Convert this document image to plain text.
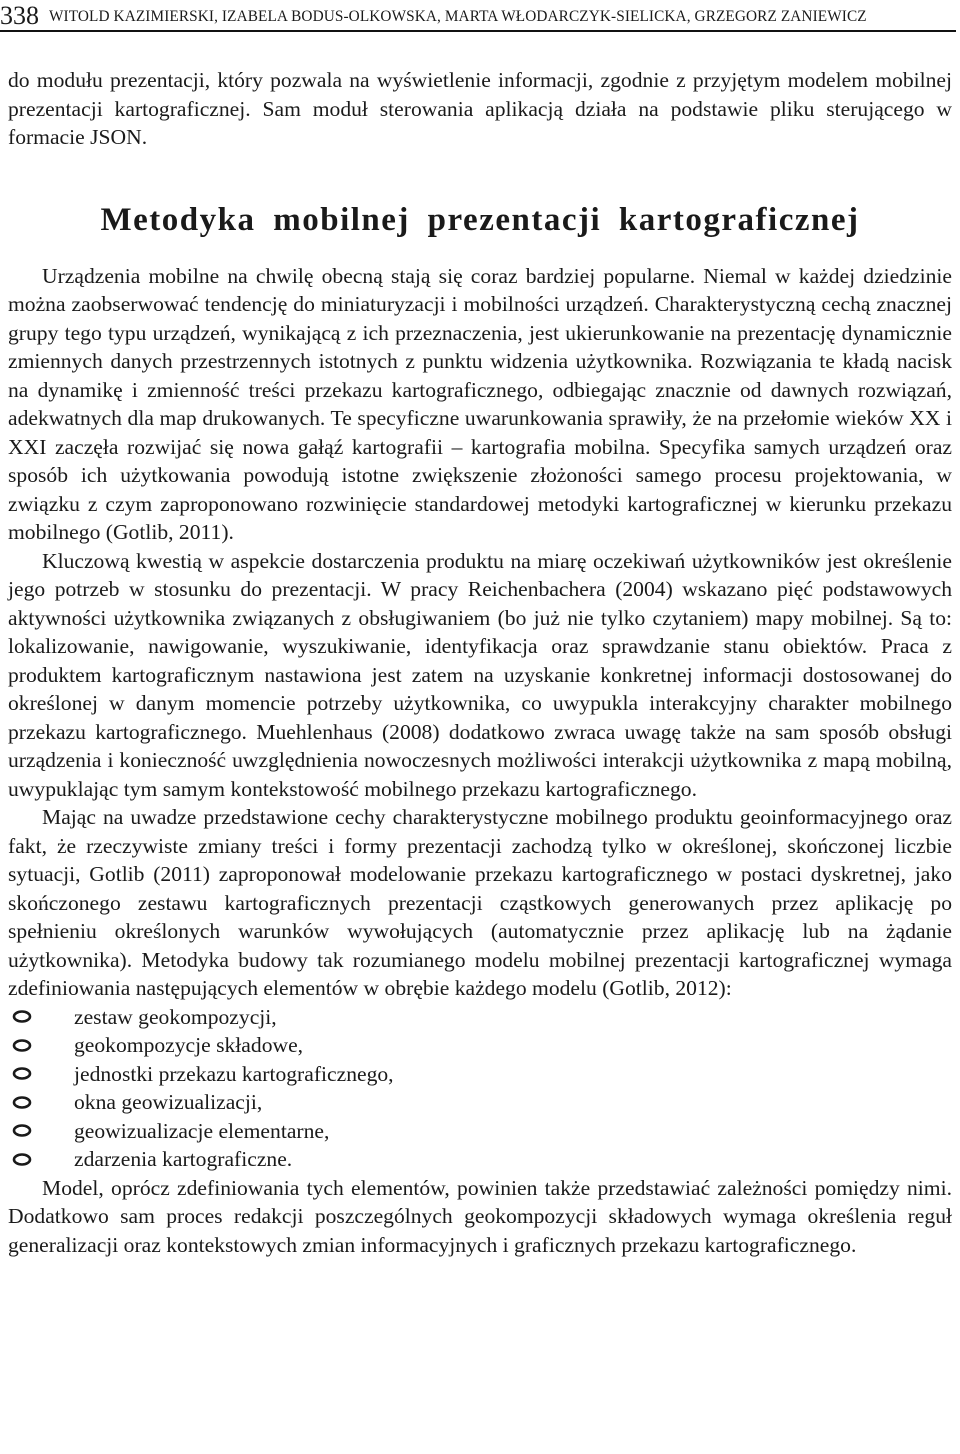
338 WITOLD KAZIMIERSKI, IZABELA BODUS-OLKOWSKA, MARTA WŁODARCZYK-SIELICKA, GRZEGORZ ZANIEWICZ

do modułu prezentacji, który pozwala na wyświetlenie informacji, zgodnie z przyjętym modelem mobilnej prezentacji kartograficznej. Sam moduł sterowania aplikacją działa na podstawie pliku sterującego w formacie JSON.

Metodyka mobilnej prezentacji kartograficznej

Urządzenia mobilne na chwilę obecną stają się coraz bardziej popularne. Niemal w każdej dziedzinie można zaobserwować tendencję do miniaturyzacji i mobilności urządzeń. Charakterystyczną cechą znacznej grupy tego typu urządzeń, wynikającą z ich przeznaczenia, jest ukierunkowanie na prezentację dynamicznie zmiennych danych przestrzennych istotnych z punktu widzenia użytkownika. Rozwiązania te kładą nacisk na dynamikę i zmienność treści przekazu kartograficznego, odbiegając znacznie od dawnych rozwiązań, adekwatnych dla map drukowanych. Te specyficzne uwarunkowania sprawiły, że na przełomie wieków XX i XXI zaczęła rozwijać się nowa gałąź kartografii – kartografia mobilna. Specyfika samych urządzeń oraz sposób ich użytkowania powodują istotne zwiększenie złożoności samego procesu projektowania, w związku z czym zaproponowano rozwinięcie standardowej metodyki kartograficznej w kierunku przekazu mobilnego (Gotlib, 2011).

Kluczową kwestią w aspekcie dostarczenia produktu na miarę oczekiwań użytkowników jest określenie jego potrzeb w stosunku do prezentacji. W pracy Reichenbachera (2004) wskazano pięć podstawowych aktywności użytkownika związanych z obsługiwaniem (bo już nie tylko czytaniem) mapy mobilnej. Są to: lokalizowanie, nawigowanie, wyszukiwanie, identyfikacja oraz sprawdzanie stanu obiektów. Praca z produktem kartograficznym nastawiona jest zatem na uzyskanie konkretnej informacji dostosowanej do określonej w danym momencie potrzeby użytkownika, co uwypukla interakcyjny charakter mobilnego przekazu kartograficznego. Muehlenhaus (2008) dodatkowo zwraca uwagę także na sam sposób obsługi urządzenia i konieczność uwzględnienia nowoczesnych możliwości interakcji użytkownika z mapą mobilną, uwypuklając tym samym kontekstowość mobilnego przekazu kartograficznego.

Mając na uwadze przedstawione cechy charakterystyczne mobilnego produktu geoinformacyjnego oraz fakt, że rzeczywiste zmiany treści i formy prezentacji zachodzą tylko w określonej, skończonej liczbie sytuacji, Gotlib (2011) zaproponował modelowanie przekazu kartograficznego w postaci dyskretnej, jako skończonego zestawu kartograficznych prezentacji cząstkowych generowanych przez aplikację po spełnieniu określonych warunków wywołujących (automatycznie przez aplikację lub na żądanie użytkownika). Metodyka budowy tak rozumianego modelu mobilnej prezentacji kartograficznej wymaga zdefiniowania następujących elementów w obrębie każdego modelu (Gotlib, 2012):

zestaw geokompozycji,
geokompozycje składowe,
jednostki przekazu kartograficznego,
okna geowizualizacji,
geowizualizacje elementarne,
zdarzenia kartograficzne.

Model, oprócz zdefiniowania tych elementów, powinien także przedstawiać zależności pomiędzy nimi. Dodatkowo sam proces redakcji poszczególnych geokompozycji składowych wymaga określenia reguł generalizacji oraz kontekstowych zmian informacyjnych i graficznych przekazu kartograficznego.
